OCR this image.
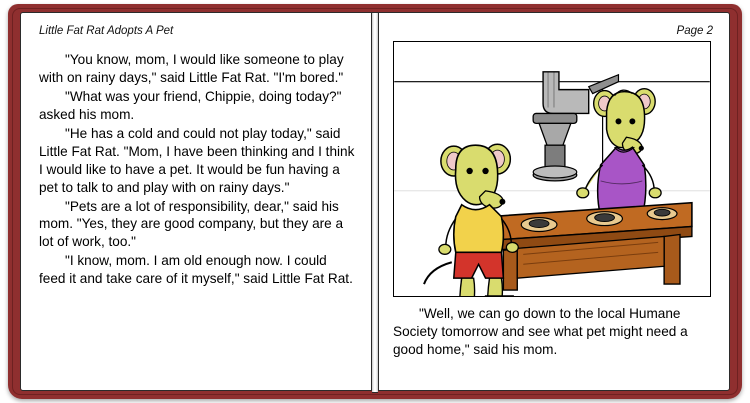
Little Fat Rat Adopts A Pet

"You know, mom, I would like someone to play with on rainy days," said Little Fat Rat. "I'm bored."

"What was your friend, Chippie, doing today?" asked his mom.

"He has a cold and could not play today," said Little Fat Rat. "Mom, I have been thinking and I think I would like to have a pet. It would be fun having a pet to talk to and play with on rainy days."

"Pets are a lot of responsibility, dear," said his mom. "Yes, they are good company, but they are a lot of work, too."

"I know, mom. I am old enough now. I could feed it and take care of it myself," said Little Fat Rat.

Page 2

"Well, we can go down to the local Humane Society tomorrow and see what pet might need a good home," said his mom.
